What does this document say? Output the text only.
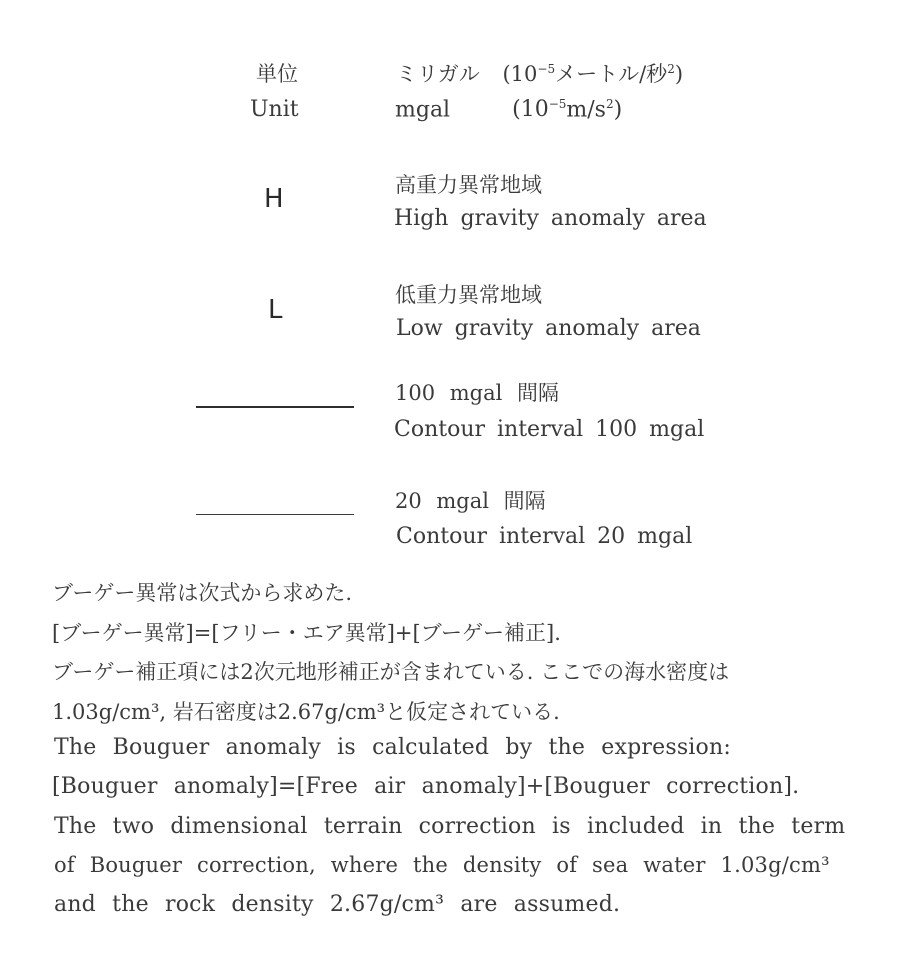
単位	ミリガル ($10^{-5}$メートル/秒$^2$)
Unit	mgal	$(10^{-5}m/s^2)$
H	高重力異常地域
High gravity anomaly area
L	低重力異常地域
Low gravity anomaly area
100 mgal 間隔
Contour interval 100 mgal
20 mgal 間隔
Contour interval 20 mgal
ブーゲー異常は次式から求めた.
[ブーゲー異常]=[フリー・エア異常]+[ブーゲー補正].
ブーゲー補正項には2次元地形補正が含まれている. ここでの海水密度は
1.03g/cm³, 岩石密度は2.67g/cm³と仮定されている.
The Bouguer anomaly is calculated by the expression:
[Bouguer anomaly]=[Free air anomaly]+[Bouguer correction].
The two dimensional terrain correction is included in the term
of Bouguer correction, where the density of sea water 1.03g/cm³
and the rock density 2.67g/cm³ are assumed.
